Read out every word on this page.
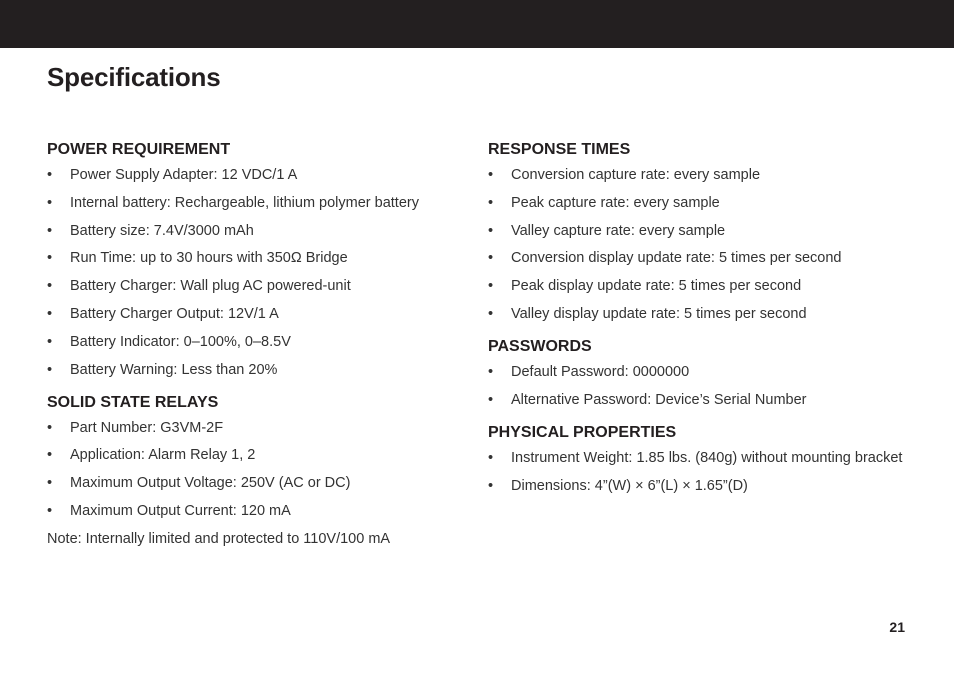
Specifications
POWER REQUIREMENT
• Power Supply Adapter: 12 VDC/1 A
• Internal battery: Rechargeable, lithium polymer battery
• Battery size: 7.4V/3000 mAh
• Run Time: up to 30 hours with 350Ω Bridge
• Battery Charger: Wall plug AC powered-unit
• Battery Charger Output: 12V/1 A
• Battery Indicator: 0–100%, 0–8.5V
• Battery Warning: Less than 20%
SOLID STATE RELAYS
• Part Number: G3VM-2F
• Application: Alarm Relay 1, 2
• Maximum Output Voltage: 250V (AC or DC)
• Maximum Output Current: 120 mA

Note: Internally limited and protected to 110V/100 mA

RESPONSE TIMES
• Conversion capture rate: every sample
• Peak capture rate: every sample
• Valley capture rate: every sample
• Conversion display update rate: 5 times per second
• Peak display update rate: 5 times per second
• Valley display update rate: 5 times per second
PASSWORDS
• Default Password: 0000000
• Alternative Password: Device’s Serial Number
PHYSICAL PROPERTIES
• Instrument Weight: 1.85 lbs. (840g) without mounting bracket
• Dimensions: 4”(W) × 6”(L) × 1.65”(D)
21
